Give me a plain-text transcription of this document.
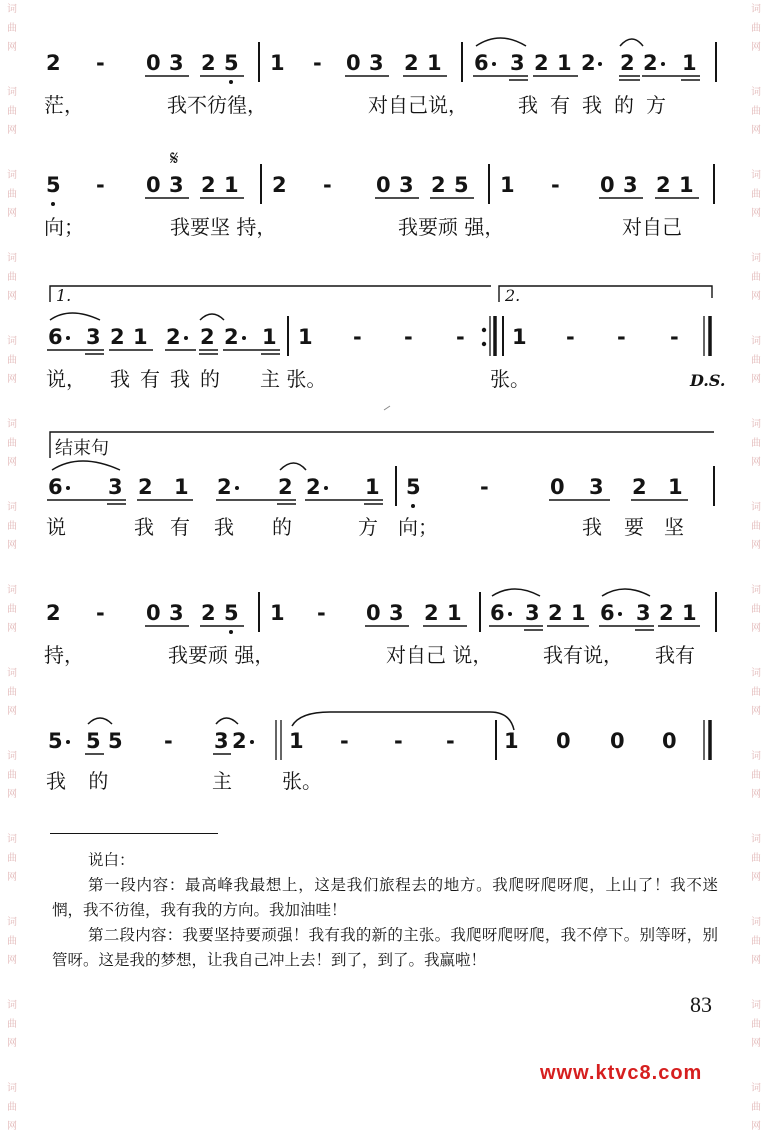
词
曲
网
词
曲
网
词
曲
网
词
曲
网
词
曲
网
词
曲
网
词
曲
网
词
曲
网
词
曲
网
词
曲
网
词
曲
网
词
曲
网
词
曲
网
词
曲
网
词
曲
网
词
曲
网
词
曲
网
词
曲
网
词
曲
网
词
曲
网
词
曲
网
词
曲
网
词
曲
网
词
曲
网
词
曲
网
词
曲
网
词
曲
网
词
曲
网
2 - 0 3 2 5 1 - 0 3 2 1 6 3 2 1 2 2 2 1
茫，	我不彷徨，	对自己说，	我有我的方
𝄋
5 - 0 3 2 1 2 - 0 3 2 5 1 - 0 3 2 1
向；	我要坚 持，	我要顽 强，	对自己
1.	2.
6 3 2 1 2 2 2 1 1 - - - 1 - - -
说， 我有我的 主 张。	张。	D.S.
结束句
6 3 2 1 2 2 2 1 5	-	0 3 2 1
说	我 有 我 的	方 向；	我 要 坚
2 - 0 3 2 5 1 - 0 3 2 1 6 3 2 1 6 3 2 1
持，	我要顽 强，	对自己 说，	我有说， 我有
5 5 5 - 3 2 1 - - - 1 0 0 0
我 的	主	张。

说白：

第一段内容：最高峰我最想上，这是我们旅程去的地方。我爬呀爬呀爬，上山了！我不迷惘，我不彷徨，我有我的方向。我加油哇！

第二段内容：我要坚持要顽强！我有我的新的主张。我爬呀爬呀爬，我不停下。别等呀，别管呀。这是我的梦想，让我自己冲上去！到了，到了。我赢啦！

83
www.ktvc8.com
